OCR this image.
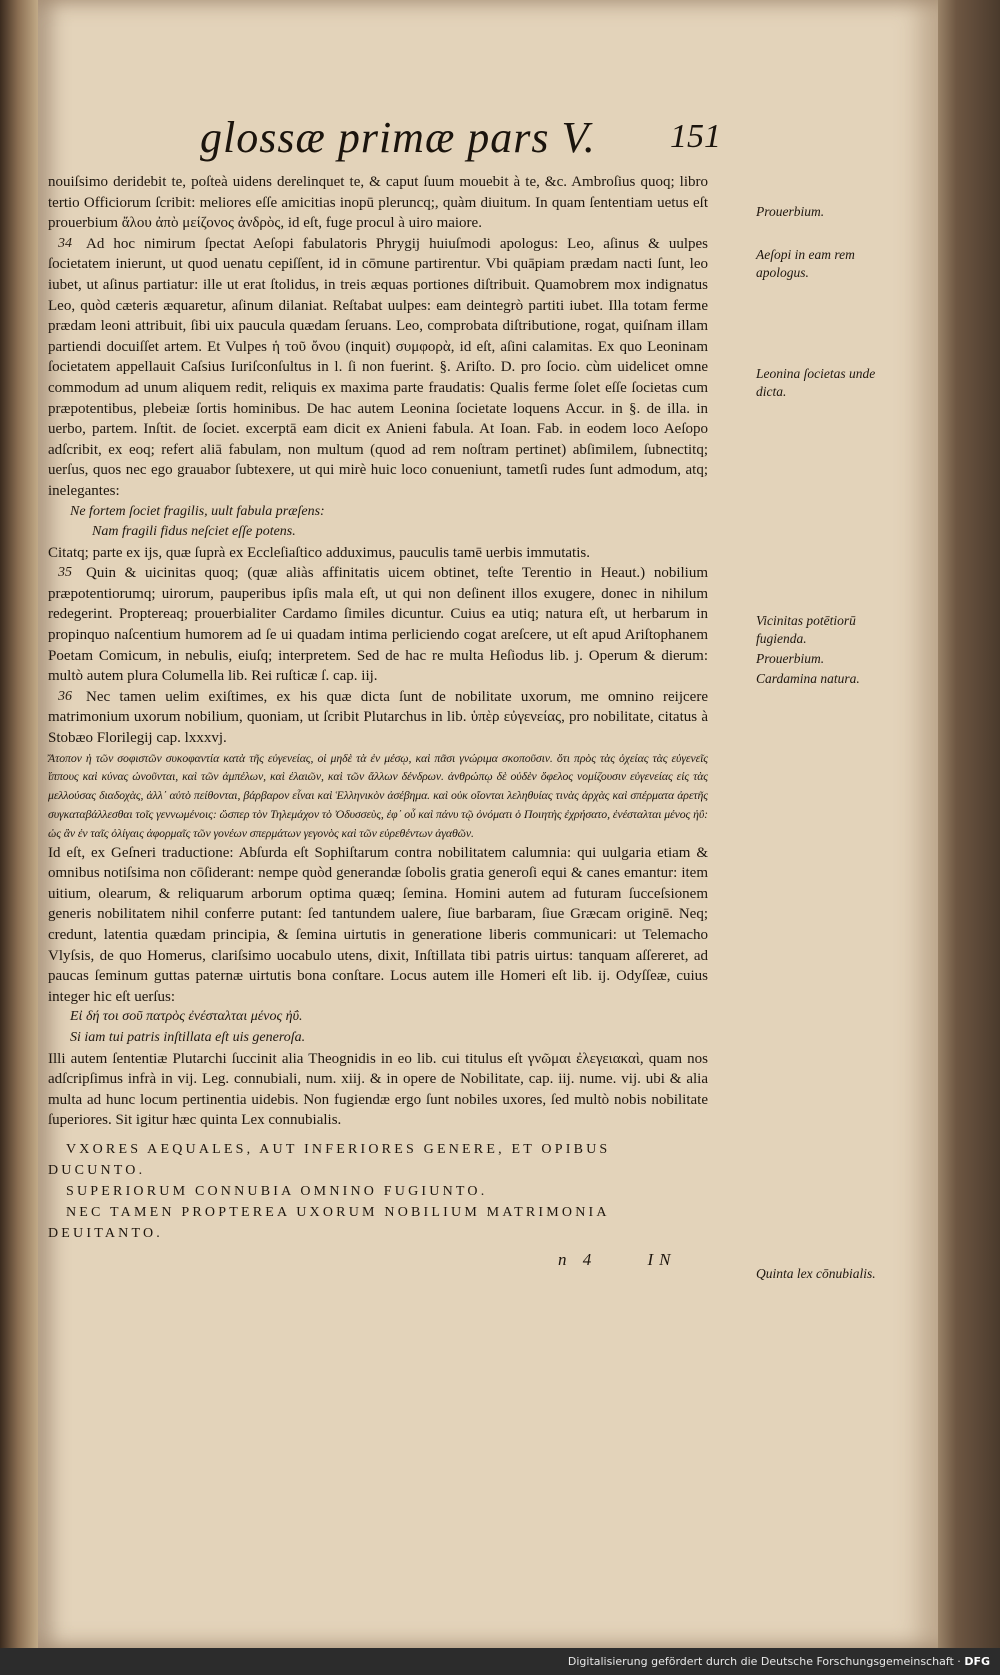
glossæ primæ pars V. 151

nouiſsimo deridebit te, poſteà uidens derelinquet te, & caput ſuum mouebit à te, &c. Ambroſius quoq; libro tertio Officiorum ſcribit: meliores eſſe amicitias inopū pleruncq;, quàm diuitum. In quam ſententiam uetus eſt prouerbium ἄλου ἀπὸ μείζονος ἀνδρὸς, id eſt, fuge procul à uiro maiore.

34 Ad hoc nimirum ſpectat Aeſopi fabulatoris Phrygij huiuſmodi apologus: Leo, aſinus & uulpes ſocietatem inierunt, ut quod uenatu cepiſſent, id in cōmune partirentur. Vbi quāpiam prædam nacti ſunt, leo iubet, ut aſinus partiatur: ille ut erat ſtolidus, in treis æquas portiones diſtribuit. Quamobrem mox indignatus Leo, quòd cæteris æquaretur, aſinum dilaniat. Reſtabat uulpes: eam deintegrò partiti iubet. Illa totam ferme prædam leoni attribuit, ſibi uix paucula quædam ſeruans. Leo, comprobata diſtributione, rogat, quiſnam illam partiendi docuiſſet artem. Et Vulpes ἡ τοῦ ὄνου (inquit) συμφορὰ, id eſt, aſini calamitas. Ex quo Leoninam ſocietatem appellauit Caſsius Iuriſconſultus in l. ſi non fuerint. §. Ariſto. D. pro ſocio. cùm uidelicet omne commodum ad unum aliquem redit, reliquis ex maxima parte fraudatis: Qualis ferme ſolet eſſe ſocietas cum præpotentibus, plebeiæ ſortis hominibus. De hac autem Leonina ſocietate loquens Accur. in §. de illa. in uerbo, partem. Inſtit. de ſociet. excerptā eam dicit ex Anieni fabula. At Ioan. Fab. in eodem loco Aeſopo adſcribit, ex eoq; refert aliā fabulam, non multum (quod ad rem noſtram pertinet) abſimilem, ſubnectitq; uerſus, quos nec ego grauabor ſubtexere, ut qui mirè huic loco conueniunt, tametſi rudes ſunt admodum, atq; inelegantes:

Ne fortem ſociet fragilis, uult fabula præſens:

Nam fragili fidus neſciet eſſe potens.

Citatq; parte ex ijs, quæ ſuprà ex Eccleſiaſtico adduximus, pauculis tamē uerbis immutatis.

35 Quin & uicinitas quoq; (quæ aliàs affinitatis uicem obtinet, teſte Terentio in Heaut.) nobilium præpotentiorumq; uirorum, pauperibus ipſis mala eſt, ut qui non deſinent illos exugere, donec in nihilum redegerint. Proptereaq; prouerbialiter Cardamo ſimiles dicuntur. Cuius ea utiq; natura eſt, ut herbarum in propinquo naſcentium humorem ad ſe ui quadam intima perliciendo cogat areſcere, ut eſt apud Ariſtophanem Poetam Comicum, in nebulis, eiuſq; interpretem. Sed de hac re multa Heſiodus lib. j. Operum & dierum: multò autem plura Columella lib. Rei ruſticæ ſ. cap. iij.

36 Nec tamen uelim exiſtimes, ex his quæ dicta ſunt de nobilitate uxorum, me omnino reijcere matrimonium uxorum nobilium, quoniam, ut ſcribit Plutarchus in lib. ὑπὲρ εὐγενείας, pro nobilitate, citatus à Stobæo Florilegij cap. lxxxvj.

Ἄτοπον ἡ τῶν σοφιστῶν συκοφαντία κατὰ τῆς εὐγενείας, οἱ μηδὲ τὰ ἐν μέσῳ, καὶ πᾶσι γνώριμα σκοποῦσιν. ὅτι πρὸς τὰς ὀχείας τὰς εὐγενεῖς ἵππους καὶ κύνας ὠνοῦνται, καὶ τῶν ἀμπέλων, καὶ ἐλαιῶν, καὶ τῶν ἄλλων δένδρων. ἀνθρώπῳ δὲ οὐδὲν ὄφελος νομίζουσιν εὐγενείας εἰς τὰς μελλούσας διαδοχὰς, ἀλλ᾽ αὐτὸ πείθονται, βάρβαρον εἶναι καὶ Ἑλληνικὸν ἀσέβημα. καὶ οὐκ οἴονται λεληθυίας τινὰς ἀρχὰς καὶ σπέρματα ἀρετῆς συγκαταβάλλεσθαι τοῖς γεννωμένοις: ὥσπερ τὸν Τηλεμάχον τὸ Ὀδυσσεὺς, ἐφ᾽ οὗ καὶ πάνυ τῷ ὀνόματι ὁ Ποιητὴς ἐχρήσατο, ἐνέσταλται μένος ἠΰ: ὡς ἂν ἐν ταῖς ὀλίγαις ἀφορμαῖς τῶν γονέων σπερμάτων γεγονὸς καὶ τῶν εὐρεθέντων ἀγαθῶν.

Id eſt, ex Geſneri traductione: Abſurda eſt Sophiſtarum contra nobilitatem calumnia: qui uulgaria etiam & omnibus notiſsima non cōſiderant: nempe quòd generandæ ſobolis gratia generoſi equi & canes emantur: item uitium, olearum, & reliquarum arborum optima quæq; ſemina. Homini autem ad futuram ſucceſsionem generis nobilitatem nihil conferre putant: ſed tantundem ualere, ſiue barbaram, ſiue Græcam originē. Neq; credunt, latentia quædam principia, & ſemina uirtutis in generatione liberis communicari: ut Telemacho Vlyſsis, de quo Homerus, clariſsimo uocabulo utens, dixit, Inſtillata tibi patris uirtus: tanquam aſſereret, ad paucas ſeminum guttas paternæ uirtutis bona conſtare. Locus autem ille Homeri eſt lib. ij. Odyſſeæ, cuius integer hic eſt uerſus:

Εἰ δή τοι σοῦ πατρὸς ἐνέσταλται μένος ἠΰ.

Si iam tui patris inſtillata eſt uis generoſa.

Illi autem ſententiæ Plutarchi ſuccinit alia Theognidis in eo lib. cui titulus eſt γνῶμαι ἐλεγειακαὶ, quam nos adſcripſimus infrà in vij. Leg. connubiali, num. xiij. & in opere de Nobilitate, cap. iij. nume. vij. ubi & alia multa ad hunc locum pertinentia uidebis. Non fugiendæ ergo ſunt nobiles uxores, ſed multò nobis nobilitate ſuperiores. Sit igitur hæc quinta Lex connubialis.

VXORES AEQUALES, AUT INFERIORES GENERE, ET OPIBUS DUCUNTO.
SUPERIORUM CONNUBIA OMNINO FUGIUNTO.
NEC TAMEN PROPTEREA UXORUM NOBILIUM MATRIMONIA DEUITANTO.
n 4	IN
Prouerbium.
Aeſopi in eam rem apologus.
Leonina ſocietas unde dicta.
Vicinitas potētiorū fugienda.
Prouerbium.
Cardamina natura.
Quinta lex cōnubialis.
Digitalisierung gefördert durch die Deutsche Forschungsgemeinschaft · DFG
